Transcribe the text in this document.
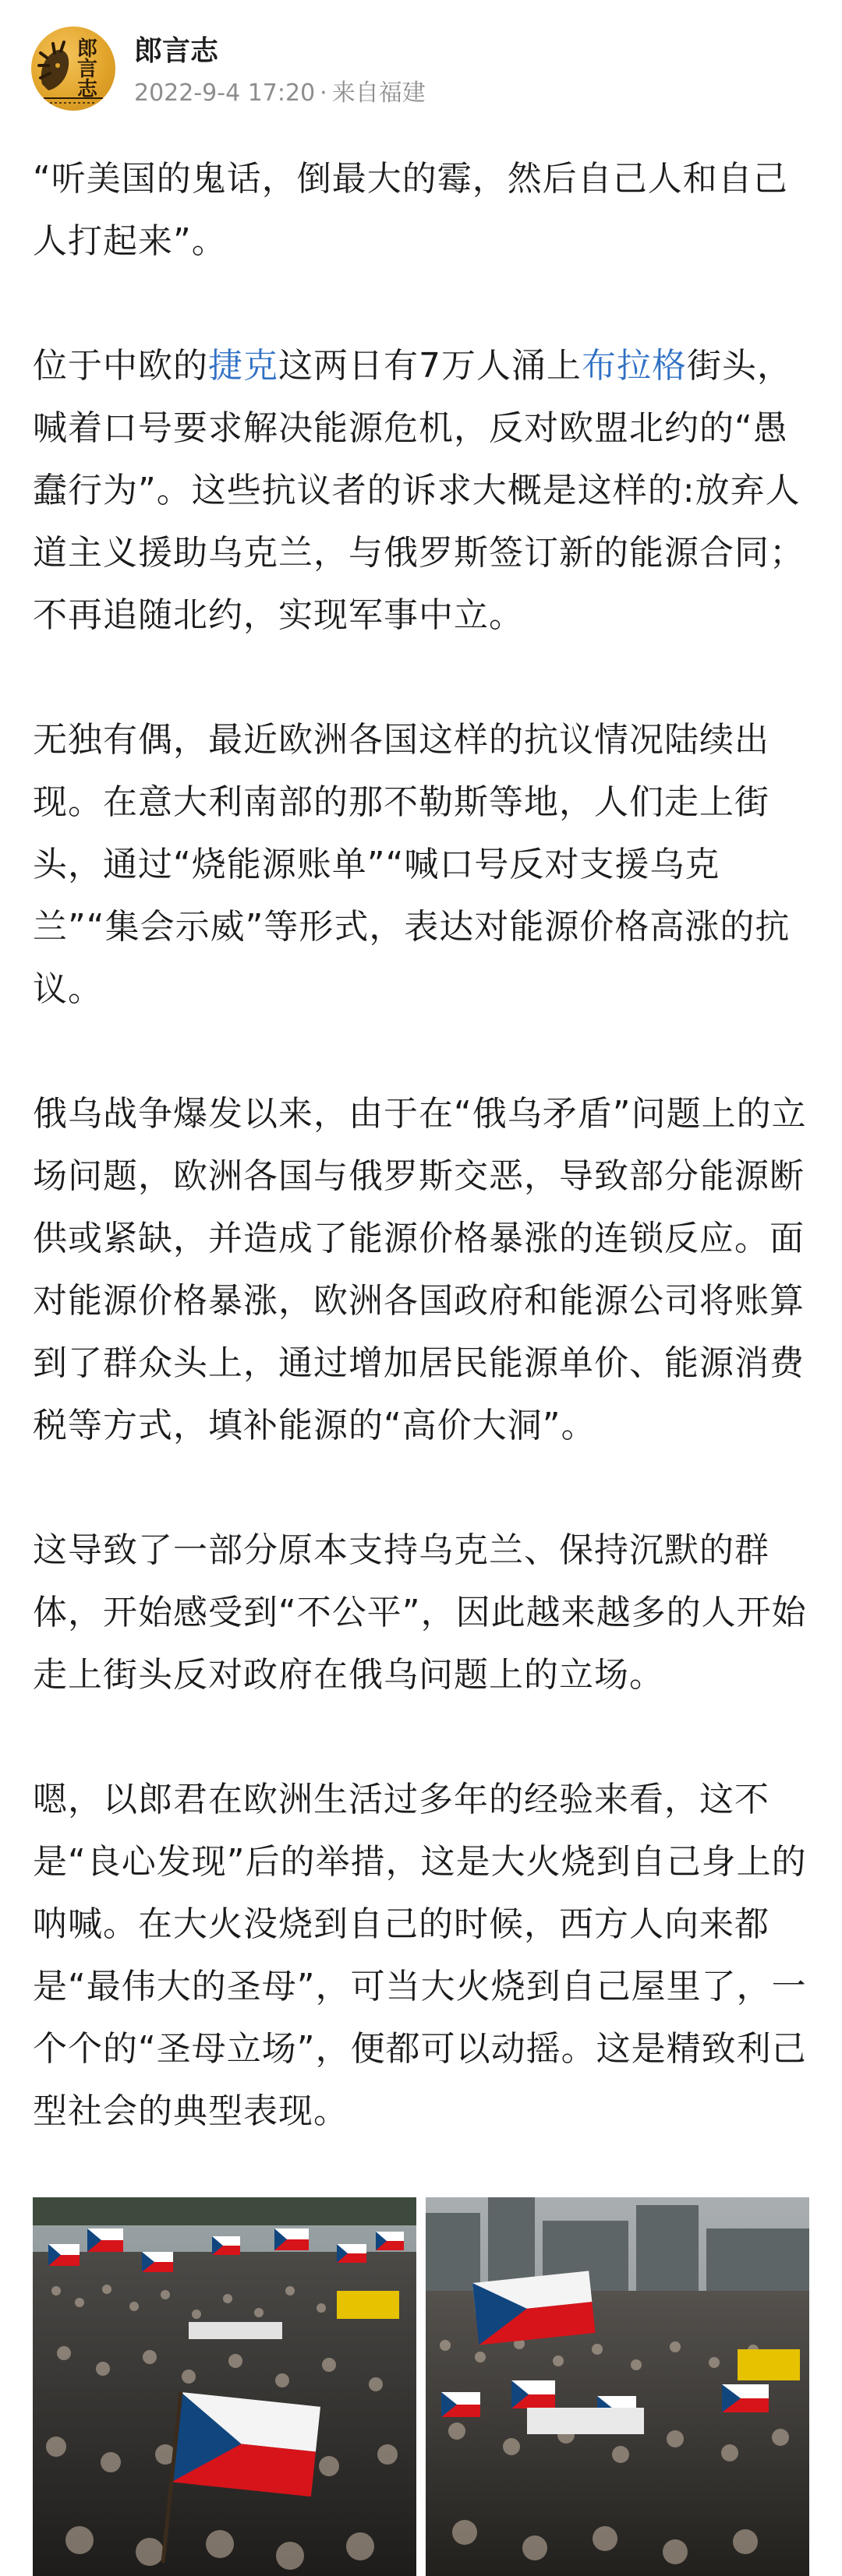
郎言志
郎言志
2022-9-4 17:20 · 来自福建
“听美国的鬼话，倒最大的霉，然后自己人和自己人打起来”。
位于中欧的捷克这两日有7万人涌上布拉格街头，喊着口号要求解决能源危机，反对欧盟北约的“愚蠢行为”。这些抗议者的诉求大概是这样的:放弃人道主义援助乌克兰，与俄罗斯签订新的能源合同；不再追随北约，实现军事中立。
无独有偶，最近欧洲各国这样的抗议情况陆续出现。在意大利南部的那不勒斯等地，人们走上街头，通过“烧能源账单”“喊口号反对支援乌克兰”“集会示威”等形式，表达对能源价格高涨的抗议。
俄乌战争爆发以来，由于在“俄乌矛盾”问题上的立场问题，欧洲各国与俄罗斯交恶，导致部分能源断供或紧缺，并造成了能源价格暴涨的连锁反应。面对能源价格暴涨，欧洲各国政府和能源公司将账算到了群众头上，通过增加居民能源单价、能源消费税等方式，填补能源的“高价大洞”。
这导致了一部分原本支持乌克兰、保持沉默的群体，开始感受到“不公平”，因此越来越多的人开始走上街头反对政府在俄乌问题上的立场。
嗯，以郎君在欧洲生活过多年的经验来看，这不是“良心发现”后的举措，这是大火烧到自己身上的呐喊。在大火没烧到自己的时候，西方人向来都是“最伟大的圣母”，可当大火烧到自己屋里了，一个个的“圣母立场”，便都可以动摇。这是精致利己型社会的典型表现。
